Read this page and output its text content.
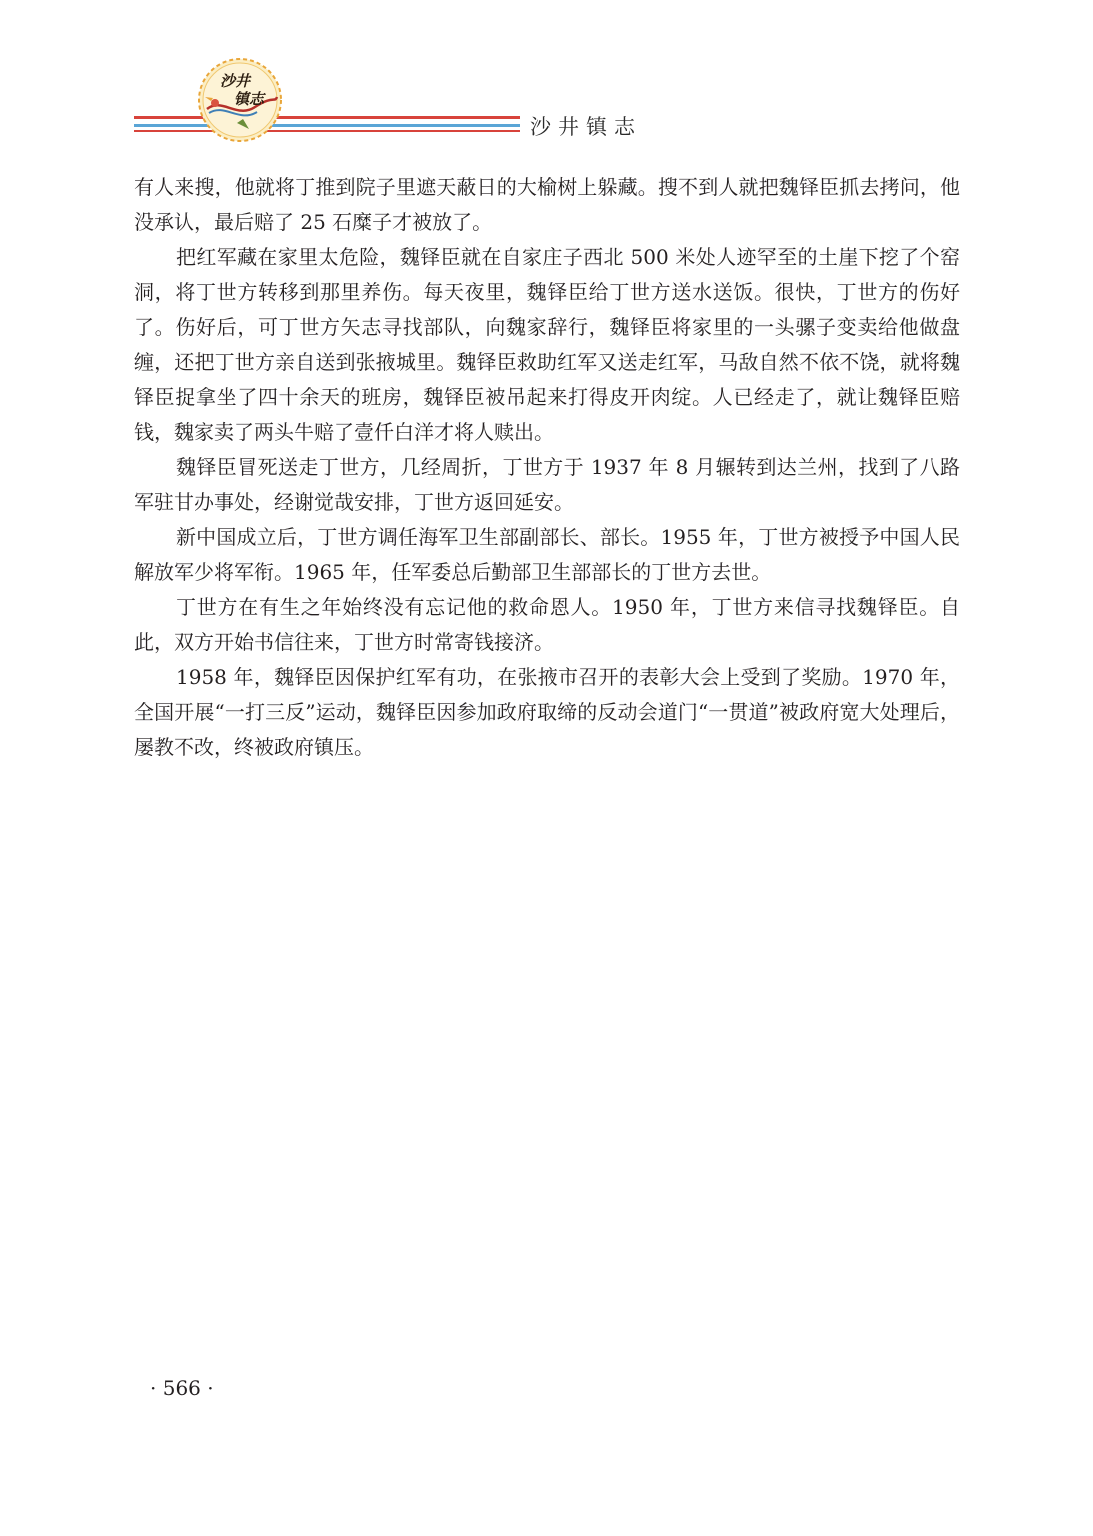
沙井镇志
沙井
镇志

有人来搜，他就将丁推到院子里遮天蔽日的大榆树上躲藏。搜不到人就把魏铎臣抓去拷问，他没承认，最后赔了 25 石糜子才被放了。

把红军藏在家里太危险，魏铎臣就在自家庄子西北 500 米处人迹罕至的土崖下挖了个窑洞，将丁世方转移到那里养伤。每天夜里，魏铎臣给丁世方送水送饭。很快，丁世方的伤好了。伤好后，可丁世方矢志寻找部队，向魏家辞行，魏铎臣将家里的一头骡子变卖给他做盘缠，还把丁世方亲自送到张掖城里。魏铎臣救助红军又送走红军，马敌自然不依不饶，就将魏铎臣捉拿坐了四十余天的班房，魏铎臣被吊起来打得皮开肉绽。人已经走了，就让魏铎臣赔钱，魏家卖了两头牛赔了壹仟白洋才将人赎出。

魏铎臣冒死送走丁世方，几经周折，丁世方于 1937 年 8 月辗转到达兰州，找到了八路军驻甘办事处，经谢觉哉安排，丁世方返回延安。

新中国成立后，丁世方调任海军卫生部副部长、部长。1955 年，丁世方被授予中国人民解放军少将军衔。1965 年，任军委总后勤部卫生部部长的丁世方去世。

丁世方在有生之年始终没有忘记他的救命恩人。1950 年，丁世方来信寻找魏铎臣。自此，双方开始书信往来，丁世方时常寄钱接济。

1958 年，魏铎臣因保护红军有功，在张掖市召开的表彰大会上受到了奖励。1970 年，全国开展“一打三反”运动，魏铎臣因参加政府取缔的反动会道门“一贯道”被政府宽大处理后，屡教不改，终被政府镇压。

· 566 ·
